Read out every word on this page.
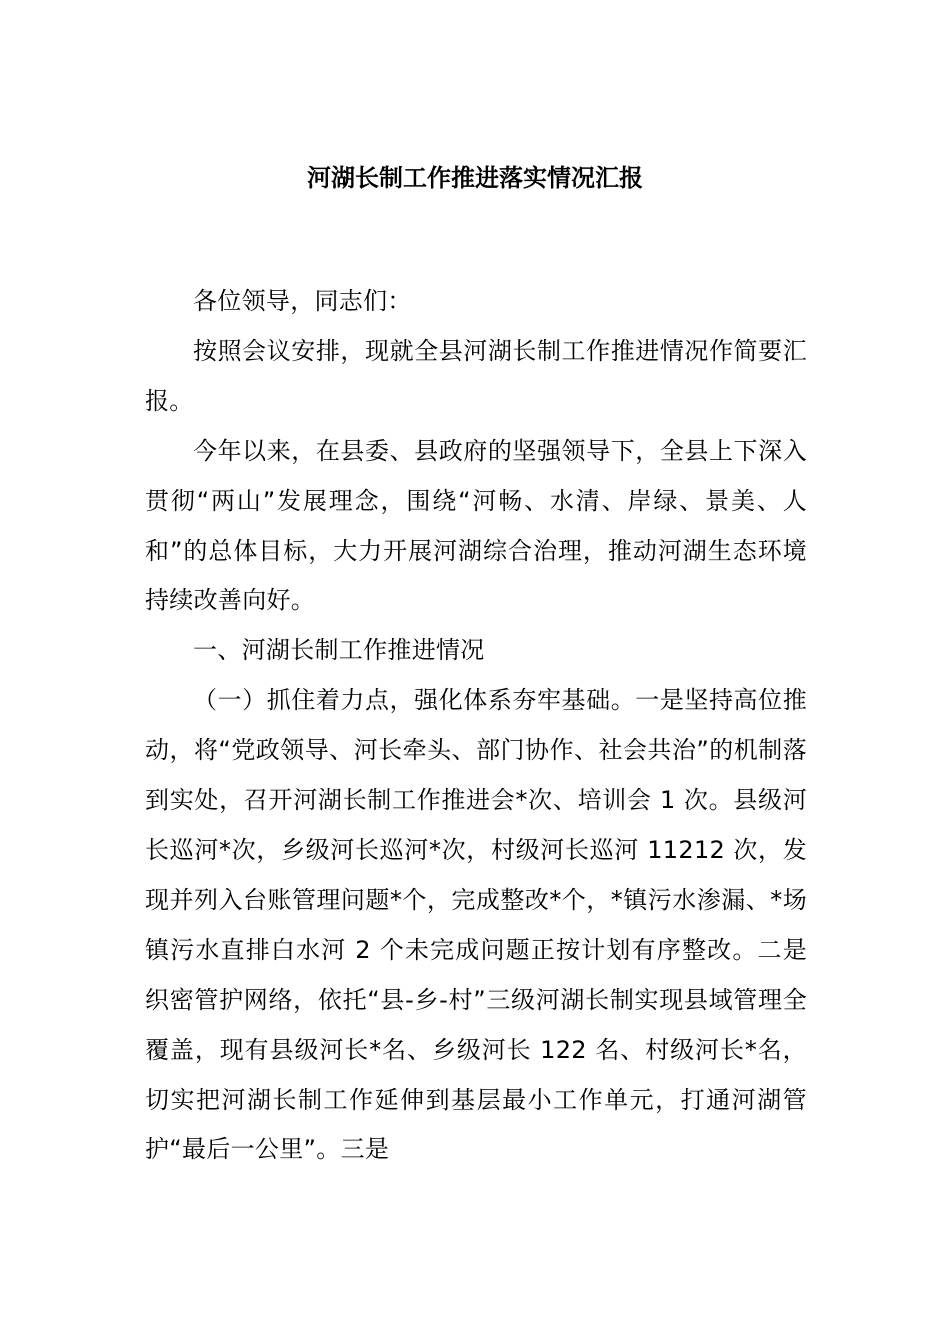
河湖长制工作推进落实情况汇报

各位领导，同志们：

按照会议安排，现就全县河湖长制工作推进情况作简要汇报。

今年以来，在县委、县政府的坚强领导下，全县上下深入贯彻“两山”发展理念，围绕“河畅、水清、岸绿、景美、人和”的总体目标，大力开展河湖综合治理，推动河湖生态环境持续改善向好。

一、河湖长制工作推进情况

（一）抓住着力点，强化体系夯牢基础。一是坚持高位推动，将“党政领导、河长牵头、部门协作、社会共治”的机制落到实处，召开河湖长制工作推进会*次、培训会 1 次。县级河长巡河*次，乡级河长巡河*次，村级河长巡河 11212 次，发现并列入台账管理问题*个，完成整改*个，*镇污水渗漏、*场镇污水直排白水河 2 个未完成问题正按计划有序整改。二是织密管护网络，依托“县-乡-村”三级河湖长制实现县域管理全覆盖，现有县级河长*名、乡级河长 122 名、村级河长*名，切实把河湖长制工作延伸到基层最小工作单元，打通河湖管护“最后一公里”。三是
